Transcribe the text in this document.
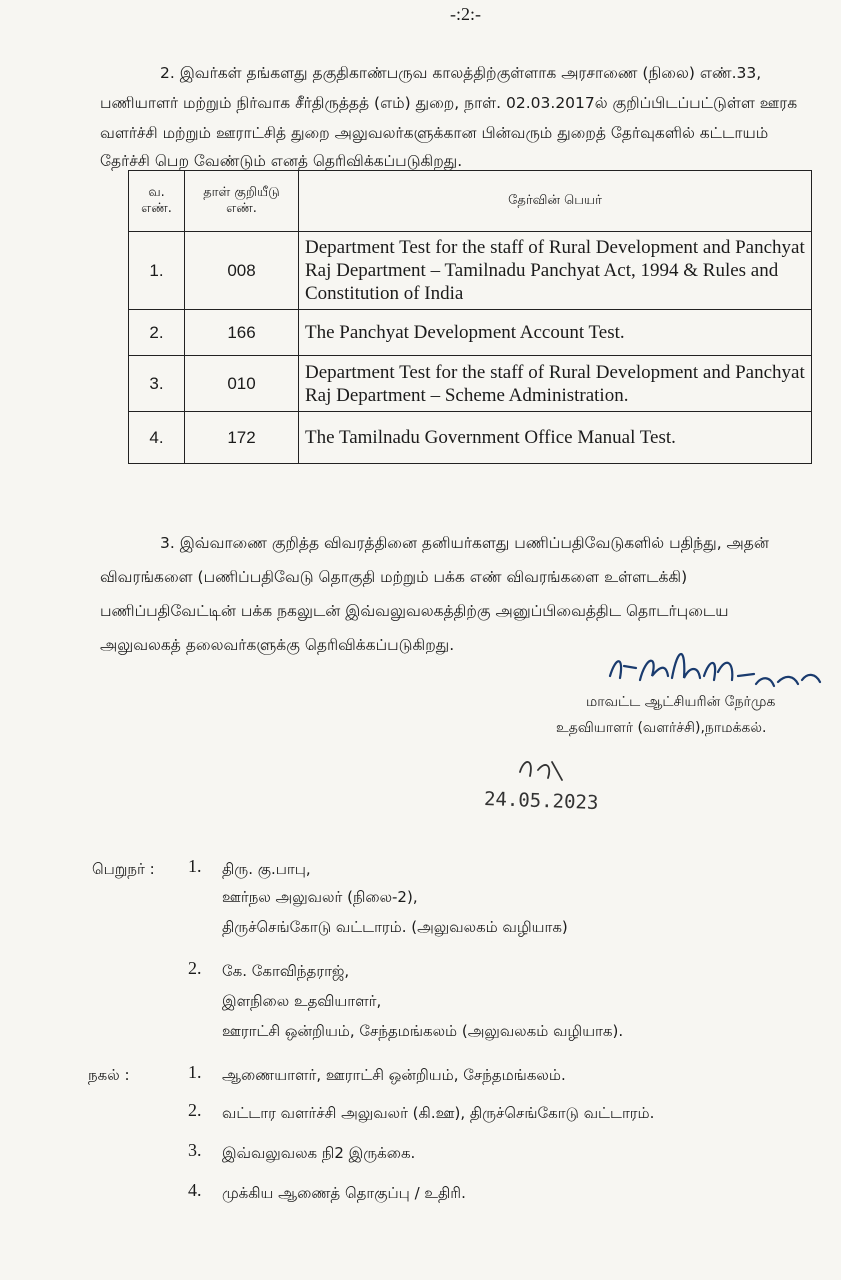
-:2:-
2. இவர்கள் தங்களது தகுதிகாண்பருவ காலத்திற்குள்ளாக அரசாணை (நிலை) எண்.33,
பணியாளர் மற்றும் நிர்வாக சீர்திருத்தத் (எம்) துறை, நாள். 02.03.2017ல் குறிப்பிடப்பட்டுள்ள ஊரக
வளர்ச்சி மற்றும் ஊராட்சித் துறை அலுவலர்களுக்கான பின்வரும் துறைத் தேர்வுகளில் கட்டாயம்
தேர்ச்சி பெற வேண்டும் எனத் தெரிவிக்கப்படுகிறது.
வ. எண்.	தாள் குறியீடு எண்.	தேர்வின் பெயர்
1.	008	Department Test for the staff of Rural Development and Panchyat Raj Department – Tamilnadu Panchyat Act, 1994 & Rules and Constitution of India
2.	166	The Panchyat Development Account Test.
3.	010	Department Test for the staff of Rural Development and Panchyat Raj Department – Scheme Administration.
4.	172	The Tamilnadu Government Office Manual Test.
3. இவ்வாணை குறித்த விவரத்தினை தனியர்களது பணிப்பதிவேடுகளில் பதிந்து, அதன்
விவரங்களை (பணிப்பதிவேடு தொகுதி மற்றும் பக்க எண் விவரங்களை உள்ளடக்கி)
பணிப்பதிவேட்டின் பக்க நகலுடன் இவ்வலுவலகத்திற்கு அனுப்பிவைத்திட தொடர்புடைய
அலுவலகத் தலைவர்களுக்கு தெரிவிக்கப்படுகிறது.
மாவட்ட ஆட்சியரின் நேர்முக
உதவியாளர் (வளர்ச்சி),நாமக்கல்.
24.05.2023
பெறுநர் : 1. திரு. கு.பாபு,
ஊர்நல அலுவலர் (நிலை-2),
திருச்செங்கோடு வட்டாரம். (அலுவலகம் வழியாக)
2. கே. கோவிந்தராஜ்,
இளநிலை உதவியாளர்,
ஊராட்சி ஒன்றியம், சேந்தமங்கலம் (அலுவலகம் வழியாக).
நகல் :	1. ஆணையாளர், ஊராட்சி ஒன்றியம், சேந்தமங்கலம்.
2. வட்டார வளர்ச்சி அலுவலர் (கி.ஊ), திருச்செங்கோடு வட்டாரம்.
3. இவ்வலுவலக நி2 இருக்கை.
4. முக்கிய ஆணைத் தொகுப்பு / உதிரி.
